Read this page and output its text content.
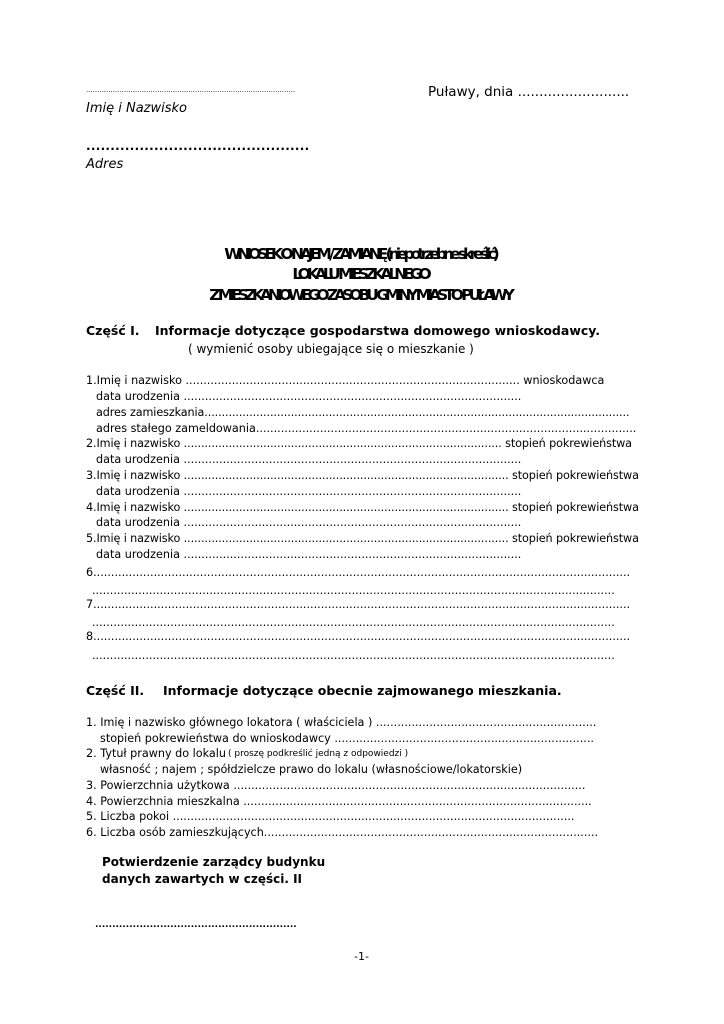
..............................................................................................
Imię i Nazwisko
Puławy, dnia ..........................
..............................................
Adres
WNIOSEK O NAJEM / ZAMIANĘ (niepotrzebne skreślić)
LOKALU MIESZKALNEGO
Z MIESZKANIOWEGO ZASOBU GMINY MIASTO PUŁAWY
Część I. Informacje dotyczące gospodarstwa domowego wnioskodawcy.
( wymienić osoby ubiegające się o mieszkanie )
1.Imię i nazwisko .............................................................................................. wnioskodawca
data urodzenia ...............................................................................................
adres zamieszkania...........................................................................................................................
adres stałego zameldowania...........................................................................................................
2.Imię i nazwisko ............................................................................................ stopień pokrewieństwa
data urodzenia ...............................................................................................
3.Imię i nazwisko .............................................................................................. stopień pokrewieństwa
data urodzenia ...............................................................................................
4.Imię i nazwisko .............................................................................................. stopień pokrewieństwa
data urodzenia ...............................................................................................
5.Imię i nazwisko .............................................................................................. stopień pokrewieństwa
data urodzenia ...............................................................................................
6.......................................................................................................................................................
...................................................................................................................................................
7.......................................................................................................................................................
...................................................................................................................................................
8.......................................................................................................................................................
...................................................................................................................................................
Część II. Informacje dotyczące obecnie zajmowanego mieszkania.
1. Imię i nazwisko głównego lokatora ( właściciela ) ..............................................................
stopień pokrewieństwa do wnioskodawcy .........................................................................
2. Tytuł prawny do lokalu ( proszę podkreślić jedną z odpowiedzi )
własność ; najem ; spółdzielcze prawo do lokalu (własnościowe/lokatorskie)
3. Powierzchnia użytkowa ...................................................................................................
4. Powierzchnia mieszkalna ..................................................................................................
5. Liczba pokoi .................................................................................................................
6. Liczba osób zamieszkujących..............................................................................................
Potwierdzenie zarządcy budynku
danych zawartych w części. II
...........................................................
-1-
